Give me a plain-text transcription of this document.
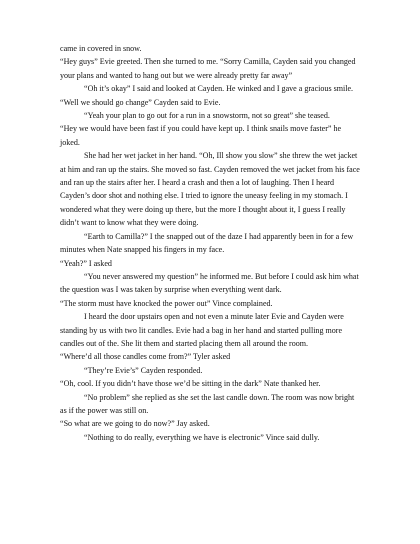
came in covered in snow.

“Hey guys” Evie greeted. Then she turned to me. “Sorry Camilla, Cayden said you changed your plans and wanted to hang out but we were already pretty far away”

“Oh it’s okay” I said and looked at Cayden. He winked and I gave a gracious smile.

“Well we should go change” Cayden said to Evie.

“Yeah your plan to go out for a run in a snowstorm, not so great” she teased.

“Hey we would have been fast if you could have kept up. I think snails move faster” he joked.

She had her wet jacket in her hand. “Oh, Ill show you slow” she threw the wet jacket at him and ran up the stairs. She moved so fast. Cayden removed the wet jacket from his face and ran up the stairs after her. I heard a crash and then a lot of laughing. Then I heard Cayden’s door shot and nothing else. I tried to ignore the uneasy feeling in my stomach. I wondered what they were doing up there, but the more I thought about it, I guess I really didn’t want to know what they were doing.

“Earth to Camilla?” I the snapped out of the daze I had apparently been in for a few minutes when Nate snapped his fingers in my face.

“Yeah?” I asked

“You never answered my question” he informed me. But before I could ask him what the question was I was taken by surprise when everything went dark.

“The storm must have knocked the power out” Vince complained.

I heard the door upstairs open and not even a minute later Evie and Cayden were standing by us with two lit candles. Evie had a bag in her hand and started pulling more candles out of the. She lit them and started placing them all around the room.

“Where’d all those candles come from?” Tyler asked

“They’re Evie’s” Cayden responded.

“Oh, cool. If you didn’t have those we’d be sitting in the dark” Nate thanked her.

“No problem” she replied as she set the last candle down. The room was now bright as if the power was still on.

“So what are we going to do now?” Jay asked.

“Nothing to do really, everything we have is electronic” Vince said dully.
